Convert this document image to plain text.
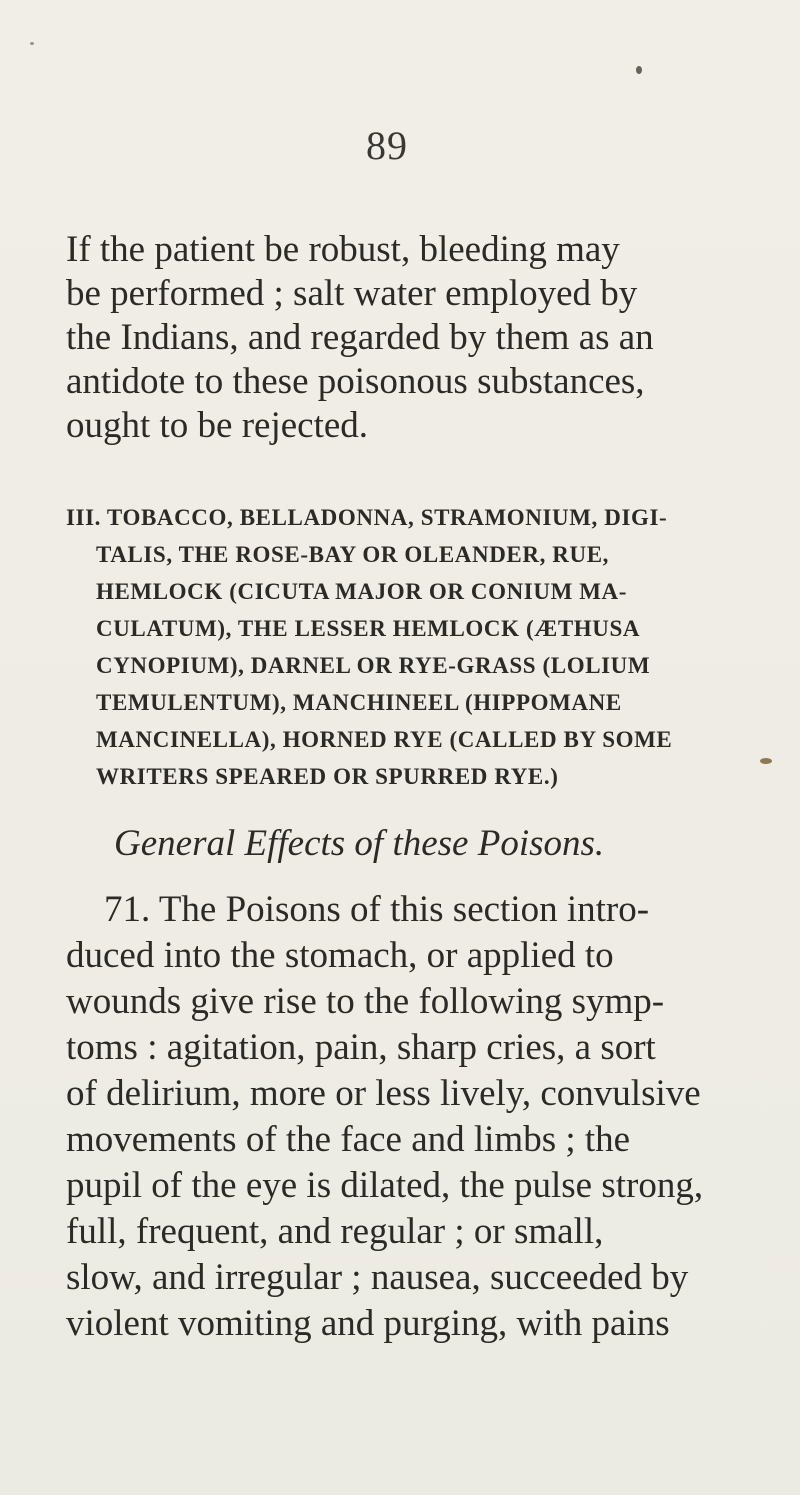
89
If the patient be robust, bleeding may
be performed ; salt water employed by
the Indians, and regarded by them as an
antidote to these poisonous substances,
ought to be rejected.
III. TOBACCO, BELLADONNA, STRAMONIUM, DIGI-
TALIS, THE ROSE-BAY OR OLEANDER, RUE,
HEMLOCK (CICUTA MAJOR OR CONIUM MA-
CULATUM), THE LESSER HEMLOCK (ÆTHUSA
CYNOPIUM), DARNEL OR RYE-GRASS (LOLIUM
TEMULENTUM), MANCHINEEL (HIPPOMANE
MANCINELLA), HORNED RYE (CALLED BY SOME
WRITERS SPEARED OR SPURRED RYE.)
General Effects of these Poisons.
71. The Poisons of this section intro-
duced into the stomach, or applied to
wounds give rise to the following symp-
toms : agitation, pain, sharp cries, a sort
of delirium, more or less lively, convulsive
movements of the face and limbs ; the
pupil of the eye is dilated, the pulse strong,
full, frequent, and regular ; or small,
slow, and irregular ; nausea, succeeded by
violent vomiting and purging, with pains
